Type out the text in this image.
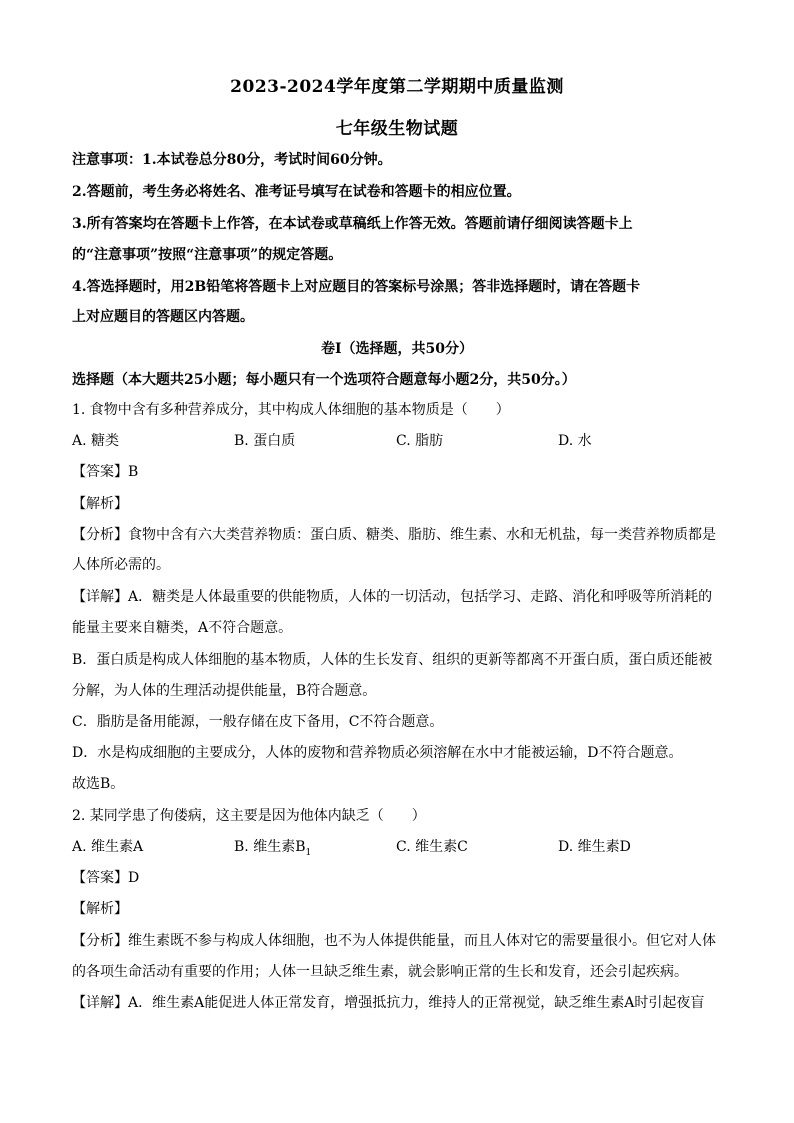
2023-2024学年度第二学期期中质量监测
七年级生物试题
注意事项：1.本试卷总分80分，考试时间60分钟。
2.答题前，考生务必将姓名、准考证号填写在试卷和答题卡的相应位置。
3.所有答案均在答题卡上作答，在本试卷或草稿纸上作答无效。答题前请仔细阅读答题卡上
的“注意事项”按照“注意事项”的规定答题。
4.答选择题时，用2B铅笔将答题卡上对应题目的答案标号涂黑；答非选择题时，请在答题卡
上对应题目的答题区内答题。
卷Ⅰ（选择题，共50分）
选择题（本大题共25小题；每小题只有一个选项符合题意每小题2分，共50分。）
1. 食物中含有多种营养成分，其中构成人体细胞的基本物质是（　　）
A. 糖类	B. 蛋白质	C. 脂肪	D. 水
【答案】B
【解析】
【分析】食物中含有六大类营养物质：蛋白质、糖类、脂肪、维生素、水和无机盐，每一类营养物质都是
人体所必需的。
【详解】A．糖类是人体最重要的供能物质，人体的一切活动，包括学习、走路、消化和呼吸等所消耗的
能量主要来自糖类，A不符合题意。
B．蛋白质是构成人体细胞的基本物质，人体的生长发育、组织的更新等都离不开蛋白质，蛋白质还能被
分解，为人体的生理活动提供能量，B符合题意。
C．脂肪是备用能源，一般存储在皮下备用，C不符合题意。
D．水是构成细胞的主要成分，人体的废物和营养物质必须溶解在水中才能被运输，D不符合题意。
故选B。
2. 某同学患了佝偻病，这主要是因为他体内缺乏（　　）
A. 维生素A	B. 维生素$B_1$	C. 维生素C	D. 维生素D
【答案】D
【解析】
【分析】维生素既不参与构成人体细胞，也不为人体提供能量，而且人体对它的需要量很小。但它对人体
的各项生命活动有重要的作用；人体一旦缺乏维生素，就会影响正常的生长和发育，还会引起疾病。
【详解】A．维生素A能促进人体正常发育，增强抵抗力，维持人的正常视觉，缺乏维生素A时引起夜盲
